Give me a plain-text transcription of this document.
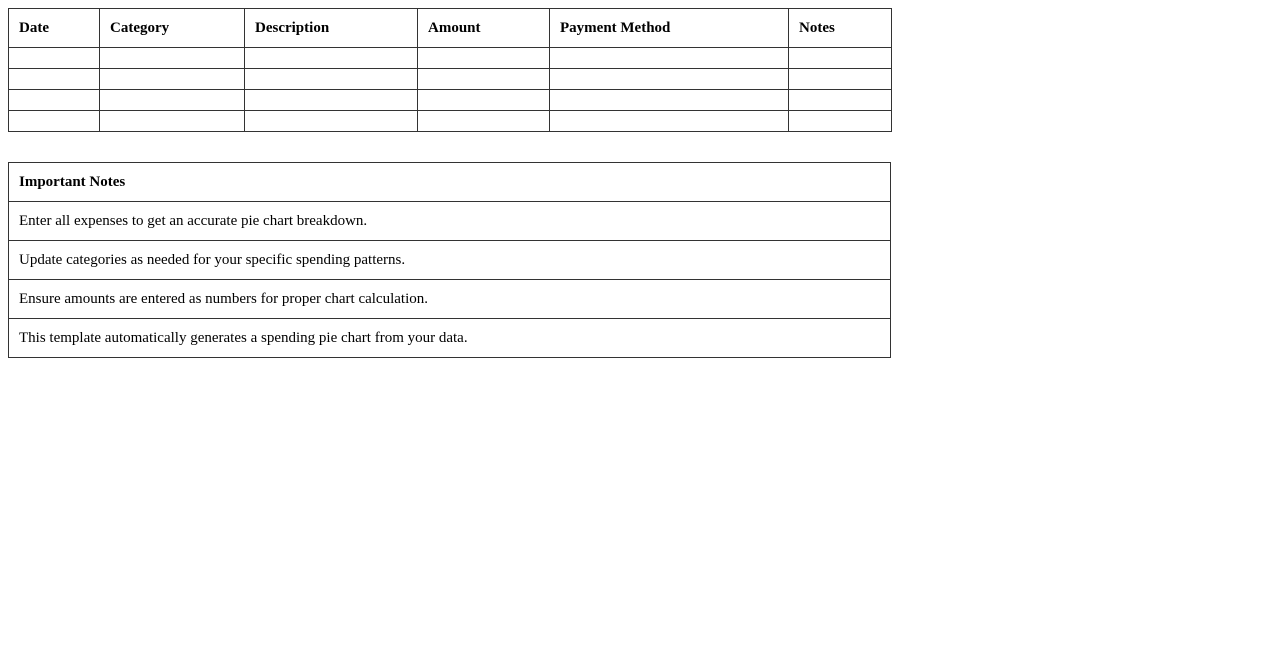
Date	Category	Description	Amount	Payment Method	Notes

Important Notes
Enter all expenses to get an accurate pie chart breakdown.
Update categories as needed for your specific spending patterns.
Ensure amounts are entered as numbers for proper chart calculation.
This template automatically generates a spending pie chart from your data.
